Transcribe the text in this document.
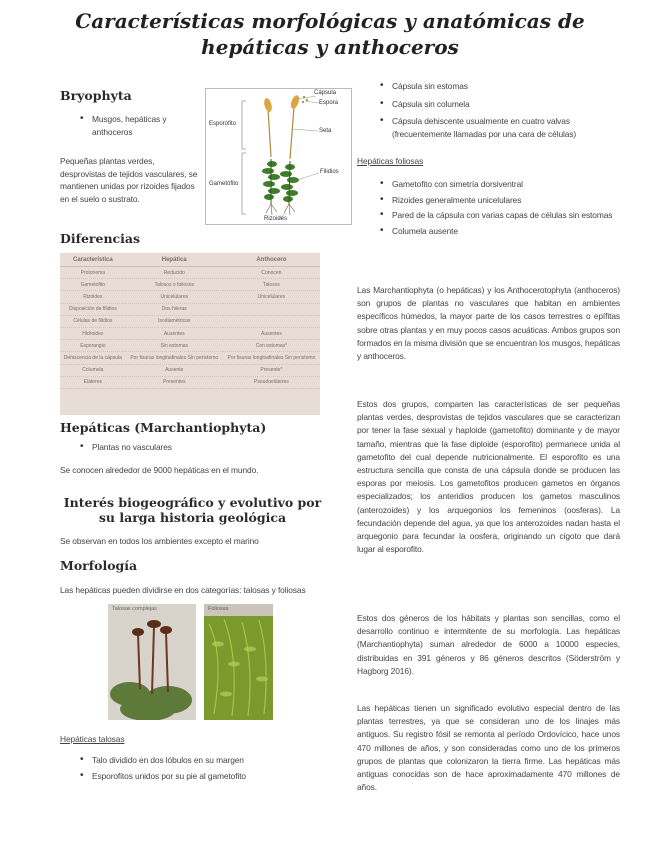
Características morfológicas y anatómicas de hepáticas y anthoceros
Bryophyta
• Musgos, hepáticas y anthoceros
Pequeñas plantas verdes, desprovistas de tejidos vasculares, se mantienen unidas por rizoides fijados en el suelo o sustrato.
Cápsula
Espora
Esporófito
Seta
Gametófito
Filidios
Rizoides
Diferencias
Característica	Hepática	Anthocero
Protonema	Reducido	Conocen
Gametofito	Talosos o foliosos	Talosos
Rizoides	Unicelulares	Unicelulares
Disposición de filidios	Dos hileras	
Células de filidios	Isodiamétricas	
Hidroides	Ausentes	Ausentes
Esporangio	Sin estomas	Con estomas*
Dehiscencia de la cápsula	Por fisuras longitudinales Sin peristomo	Por fisuras longitudinales Sin peristomo
Columela	Ausente	Presente*
Eláteres	Presentes	Pseudoeláteres
Hepáticas (Marchantiophyta)
• Plantas no vasculares
Se conocen alrededor de 9000 hepáticas en el mundo.
Interés biogeográfico y evolutivo por su larga historia geológica
Se observan en todos los ambientes excepto el marino
Morfología
Las hepáticas pueden dividirse en dos categorías: talosas y foliosas
Talosas complejas	Foliosas
Hepáticas talosas
• Talo dividido en dos lóbulos en su margen
• Esporofitos unidos por su pie al gametofito
• Cápsula sin estomas
• Cápsula sin columela
• Cápsula dehiscente usualmente en cuatro valvas (frecuentemente llamadas por una cara de células)
Hepáticas foliosas
• Gametofito con simetría dorsiventral
• Rizoides generalmente unicelulares
• Pared de la cápsula con varias capas de células sin estomas
• Columela ausente
Las Marchantiophyta (o hepáticas) y los Anthocerotophyta (anthoceros) son grupos de plantas no vasculares que habitan en ambientes específicos húmedos, la mayor parte de los casos terrestres o epífitas sobre otras plantas y en muy pocos casos acuáticas. Ambos grupos son formados en la misma división que se encuentran los musgos, hepáticas y anthoceros.
Estos dos grupos, comparten las características de ser pequeñas plantas verdes, desprovistas de tejidos vasculares que se caracterizan por tener la fase sexual y haploide (gametofito) dominante y de mayor tamaño, mientras que la fase diploide (esporofito) permanece unida al gametofito del cual depende nutricionalmente. El esporofito es una estructura sencilla que consta de una cápsula donde se producen las esporas por meiosis. Los gametofitos producen gametos en órganos especializados; los anteridios producen los gametos masculinos (anterozoides) y los arquegonios los femeninos (oosferas). La fecundación depende del agua, ya que los anterozoides nadan hasta el arquegonio para fecundar la oosfera, originando un cigoto que dará lugar al esporofito.
Estos dos géneros de los hábitats y plantas son sencillas, como el desarrollo continuo e intermitente de su morfología. Las hepáticas (Marchantiophyta) suman alrededor de 6000 a 10000 especies, distribuidas en 391 géneros y 86 géneros descritos (Söderström y Hagborg 2016).
Las hepáticas tienen un significado evolutivo especial dentro de las plantas terrestres, ya que se consideran uno de los linajes más antiguos. Su registro fósil se remonta al período Ordovícico, hace unos 470 millones de años, y son consideradas como uno de los primeros grupos de plantas que colonizaron la tierra firme. Las hepáticas más antiguas conocidas son de hace aproximadamente 470 millones de años.
